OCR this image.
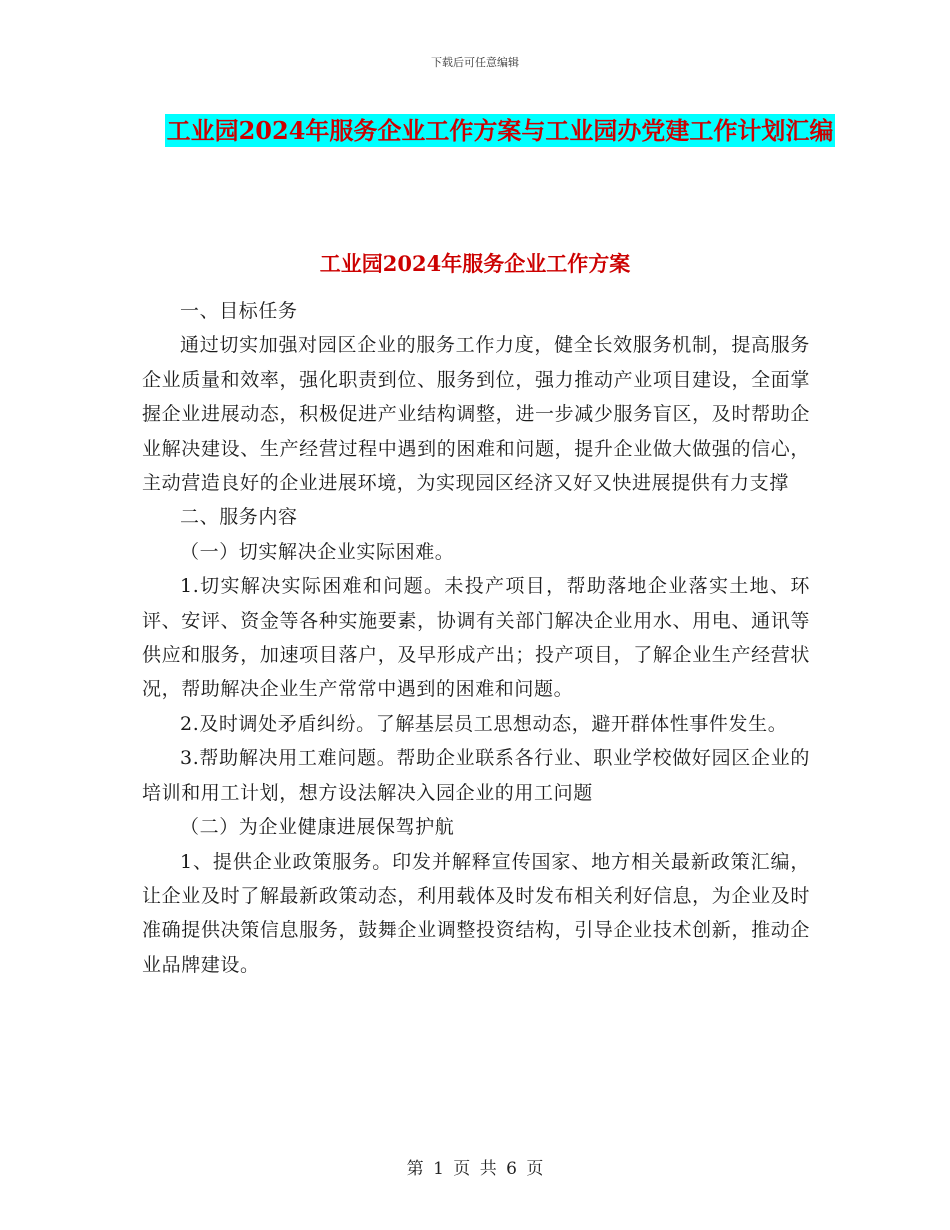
下载后可任意编辑
工业园2024年服务企业工作方案与工业园办党建工作计划汇编
工业园2024年服务企业工作方案

一、目标任务

通过切实加强对园区企业的服务工作力度，健全长效服务机制，提高服务企业质量和效率，强化职责到位、服务到位，强力推动产业项目建设，全面掌握企业进展动态，积极促进产业结构调整，进一步减少服务盲区，及时帮助企业解决建设、生产经营过程中遇到的困难和问题，提升企业做大做强的信心，主动营造良好的企业进展环境，为实现园区经济又好又快进展提供有力支撑

二、服务内容

（一）切实解决企业实际困难。

1.切实解决实际困难和问题。未投产项目，帮助落地企业落实土地、环评、安评、资金等各种实施要素，协调有关部门解决企业用水、用电、通讯等供应和服务，加速项目落户，及早形成产出；投产项目，了解企业生产经营状况，帮助解决企业生产常常中遇到的困难和问题。

2.及时调处矛盾纠纷。了解基层员工思想动态，避开群体性事件发生。

3.帮助解决用工难问题。帮助企业联系各行业、职业学校做好园区企业的培训和用工计划，想方设法解决入园企业的用工问题

（二）为企业健康进展保驾护航

1、提供企业政策服务。印发并解释宣传国家、地方相关最新政策汇编，让企业及时了解最新政策动态，利用载体及时发布相关利好信息，为企业及时准确提供决策信息服务，鼓舞企业调整投资结构，引导企业技术创新，推动企业品牌建设。

第 1 页 共 6 页
